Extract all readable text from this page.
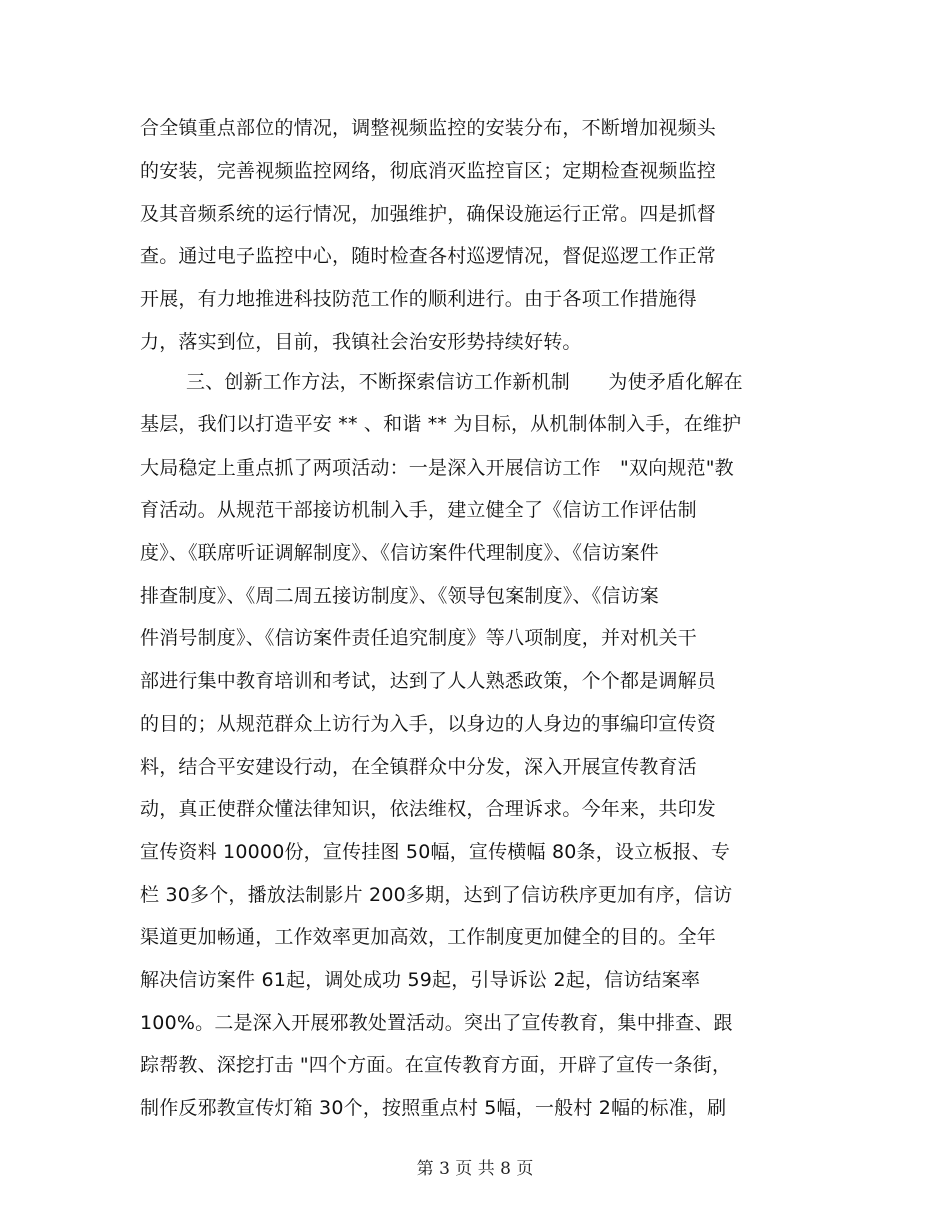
合全镇重点部位的情况，调整视频监控的安装分布，不断增加视频头
的安装，完善视频监控网络，彻底消灭监控盲区；定期检查视频监控
及其音频系统的运行情况，加强维护，确保设施运行正常。四是抓督
查。通过电子监控中心，随时检查各村巡逻情况，督促巡逻工作正常
开展，有力地推进科技防范工作的顺利进行。由于各项工作措施得
力，落实到位，目前，我镇社会治安形势持续好转。
三、创新工作方法，不断探索信访工作新机制　　为使矛盾化解在
基层，我们以打造平安 ** 、和谐 ** 为目标，从机制体制入手，在维护
大局稳定上重点抓了两项活动：一是深入开展信访工作　"双向规范"教
育活动。从规范干部接访机制入手，建立健全了《信访工作评估制
度》、《联席听证调解制度》、《信访案件代理制度》、《信访案件
排查制度》、《周二周五接访制度》、《领导包案制度》、《信访案
件消号制度》、《信访案件责任追究制度》等八项制度，并对机关干
部进行集中教育培训和考试，达到了人人熟悉政策，个个都是调解员
的目的；从规范群众上访行为入手，以身边的人身边的事编印宣传资
料，结合平安建设行动，在全镇群众中分发，深入开展宣传教育活
动，真正使群众懂法律知识，依法维权，合理诉求。今年来，共印发
宣传资料 10000份，宣传挂图 50幅，宣传横幅 80条，设立板报、专
栏 30多个，播放法制影片 200多期，达到了信访秩序更加有序，信访
渠道更加畅通，工作效率更加高效，工作制度更加健全的目的。全年
解决信访案件 61起，调处成功 59起，引导诉讼 2起，信访结案率
100%。二是深入开展邪教处置活动。突出了宣传教育，集中排查、跟
踪帮教、深挖打击 "四个方面。在宣传教育方面，开辟了宣传一条街，
制作反邪教宣传灯箱 30个，按照重点村 5幅，一般村 2幅的标准，刷
第 3 页 共 8 页
